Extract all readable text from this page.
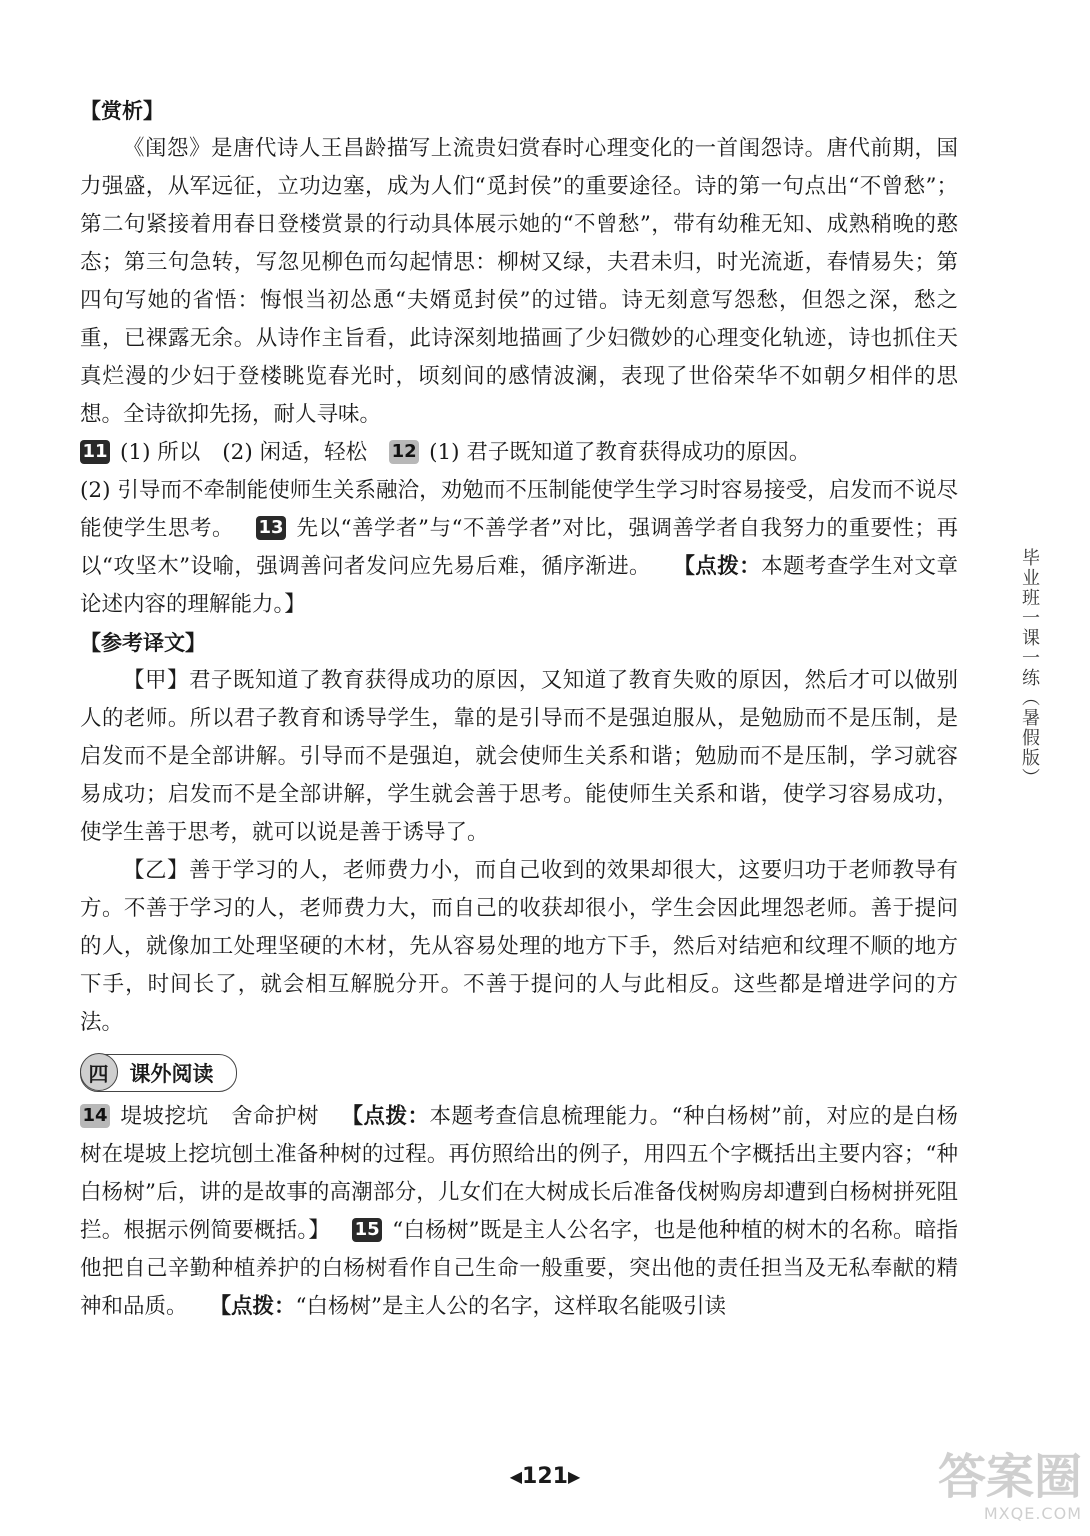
【赏析】

《闺怨》是唐代诗人王昌龄描写上流贵妇赏春时心理变化的一首闺怨诗。唐代前期，国力强盛，从军远征，立功边塞，成为人们“觅封侯”的重要途径。诗的第一句点出“不曾愁”；第二句紧接着用春日登楼赏景的行动具体展示她的“不曾愁”，带有幼稚无知、成熟稍晚的憨态；第三句急转，写忽见柳色而勾起情思：柳树又绿，夫君未归，时光流逝，春情易失；第四句写她的省悟：悔恨当初怂恿“夫婿觅封侯”的过错。诗无刻意写怨愁，但怨之深，愁之重，已裸露无余。从诗作主旨看，此诗深刻地描画了少妇微妙的心理变化轨迹，诗也抓住天真烂漫的少妇于登楼眺览春光时，顷刻间的感情波澜，表现了世俗荣华不如朝夕相伴的思想。全诗欲抑先扬，耐人寻味。

11 (1) 所以 (2) 闲适，轻松 12 (1) 君子既知道了教育获得成功的原因。

(2) 引导而不牵制能使师生关系融洽，劝勉而不压制能使学生学习时容易接受，启发而不说尽能使学生思考。 13 先以“善学者”与“不善学者”对比，强调善学者自我努力的重要性；再以“攻坚木”设喻，强调善问者发问应先易后难，循序渐进。 【点拨：本题考查学生对文章论述内容的理解能力。】

【参考译文】

【甲】君子既知道了教育获得成功的原因，又知道了教育失败的原因，然后才可以做别人的老师。所以君子教育和诱导学生，靠的是引导而不是强迫服从，是勉励而不是压制，是启发而不是全部讲解。引导而不是强迫，就会使师生关系和谐；勉励而不是压制，学习就容易成功；启发而不是全部讲解，学生就会善于思考。能使师生关系和谐，使学习容易成功，使学生善于思考，就可以说是善于诱导了。

【乙】善于学习的人，老师费力小，而自己收到的效果却很大，这要归功于老师教导有方。不善于学习的人，老师费力大，而自己的收获却很小，学生会因此埋怨老师。善于提问的人，就像加工处理坚硬的木材，先从容易处理的地方下手，然后对结疤和纹理不顺的地方下手，时间长了，就会相互解脱分开。不善于提问的人与此相反。这些都是增进学问的方法。

四	课外阅读

14 堤坡挖坑 舍命护树 【点拨：本题考查信息梳理能力。“种白杨树”前，对应的是白杨树在堤坡上挖坑刨土准备种树的过程。再仿照给出的例子，用四五个字概括出主要内容；“种白杨树”后，讲的是故事的高潮部分，儿女们在大树成长后准备伐树购房却遭到白杨树拼死阻拦。根据示例简要概括。】 15 “白杨树”既是主人公名字，也是他种植的树木的名称。暗指他把自己辛勤种植养护的白杨树看作自己生命一般重要，突出他的责任担当及无私奉献的精神和品质。 【点拨：“白杨树”是主人公的名字，这样取名能吸引读

毕业班一课一练（暑假版）
◀121▶	答案圈
MXQE.COM
